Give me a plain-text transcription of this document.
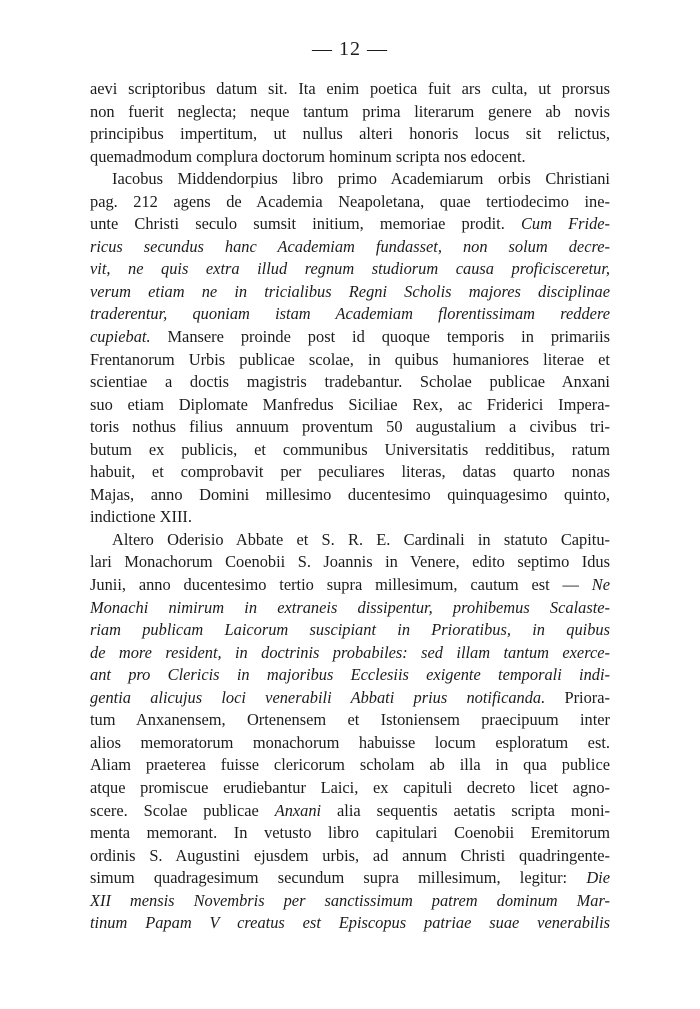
— 12 —
aevi scriptoribus datum sit. Ita enim poetica fuit ars culta, ut prorsus
non fuerit neglecta; neque tantum prima literarum genere ab novis
principibus impertitum, ut nullus alteri honoris locus sit relictus,
quemadmodum complura doctorum hominum scripta nos edocent.
Iacobus Middendorpius libro primo Academiarum orbis Christiani
pag. 212 agens de Academia Neapoletana, quae tertiodecimo ine-
unte Christi seculo sumsit initium, memoriae prodit. Cum Fride-
ricus secundus hanc Academiam fundasset, non solum decre-
vit, ne quis extra illud regnum studiorum causa proficisceretur,
verum etiam ne in tricialibus Regni Scholis majores disciplinae
traderentur, quoniam istam Academiam florentissimam reddere
cupiebat. Mansere proinde post id quoque temporis in primariis
Frentanorum Urbis publicae scolae, in quibus humaniores literae et
scientiae a doctis magistris tradebantur. Scholae publicae Anxani
suo etiam Diplomate Manfredus Siciliae Rex, ac Friderici Impera-
toris nothus filius annuum proventum 50 augustalium a civibus tri-
butum ex publicis, et communibus Universitatis redditibus, ratum
habuit, et comprobavit per peculiares literas, datas quarto nonas
Majas, anno Domini millesimo ducentesimo quinquagesimo quinto,
indictione XIII.
Altero Oderisio Abbate et S. R. E. Cardinali in statuto Capitu-
lari Monachorum Coenobii S. Joannis in Venere, edito septimo Idus
Junii, anno ducentesimo tertio supra millesimum, cautum est — Ne
Monachi nimirum in extraneis dissipentur, prohibemus Scalaste-
riam publicam Laicorum suscipiant in Prioratibus, in quibus
de more resident, in doctrinis probabiles: sed illam tantum exerce-
ant pro Clericis in majoribus Ecclesiis exigente temporali indi-
gentia alicujus loci venerabili Abbati prius notificanda. Priora-
tum Anxanensem, Ortenensem et Istoniensem praecipuum inter
alios memoratorum monachorum habuisse locum esploratum est.
Aliam praeterea fuisse clericorum scholam ab illa in qua publice
atque promiscue erudiebantur Laici, ex capituli decreto licet agno-
scere. Scolae publicae Anxani alia sequentis aetatis scripta moni-
menta memorant. In vetusto libro capitulari Coenobii Eremitorum
ordinis S. Augustini ejusdem urbis, ad annum Christi quadringente-
simum quadragesimum secundum supra millesimum, legitur: Die
XII mensis Novembris per sanctissimum patrem dominum Mar-
tinum Papam V creatus est Episcopus patriae suae venerabilis
